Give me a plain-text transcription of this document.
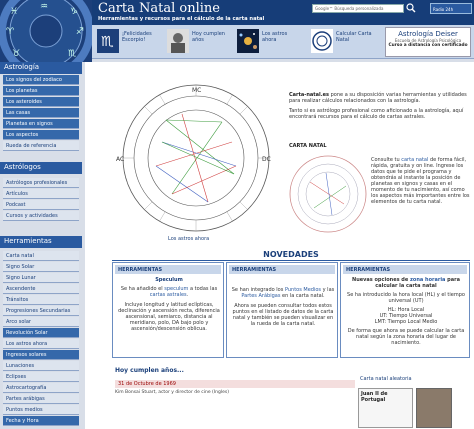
♓ ♒ ♑
♈	♐
♉	♏
Carta Natal online
Herramientas y recursos para el cálculo de la carta natal
Google™ Búsqueda personalizada	Radio 24h
♏ ¡Felicidades Escorpio!
Hoy cumplen años
Los astros ahora
Calcular Carta Natal
Astrología Deiser
Escuela de Astrología Psicológica
Curso a distancia con certificado
Astrología
Los signos del zodiaco
Los planetas
Los asteroides
Las casas
Planetas en signos
Los aspectos
Rueda de referencia
Astrólogos
Astrólogos profesionales
Artículos
Podcast
Cursos y actividades
Herramientas
Carta natal
Signo Solar
Signo Lunar
Ascendente
Tránsitos
Progresiones Secundarias
Arco solar
Revolución Solar
Los astros ahora
Ingresos solares
Lunaciones
Eclipses
Astrocartografía
Partes arábigas
Puntos medios
Fecha y Hora
AC	DC
MC
Los astros ahora

Carta-natal.es pone a su disposición varias herramientas y utilidades para realizar cálculos relacionados con la astrología.

Tanto si es astrólogo profesional como aficionado a la astrología, aquí encontrará recursos para el cálculo de cartas astrales.

CARTA NATAL
Consulte tu carta natal de forma fácil, rápida, gratuita y on line. Ingrese los datos que te pide el programa y obtendrás al instante la posición de planetas en signos y casas en el momento de tu nacimiento, así como los aspectos más importantes entre los elementos de tu carta natal.
NOVEDADES
HERRAMIENTAS
Speculum
Se ha añadido el speculum a todas las cartas astrales.
Incluye longitud y latitud eclípticas, declinación y ascensión recta, diferencia ascensional, semiarco, distancia al meridiano, polo, DA bajo polo y ascensión/descensión oblicua.
HERRAMIENTAS
Se han integrado los Puntos Medios y las Partes Arábigas en la carta natal.
Ahora se pueden consultar todos estos puntos en el listado de datos de la carta natal y también se pueden visualizar en la rueda de la carta natal.
HERRAMIENTAS
Nuevas opciones de zona horaria para calcular la carta natal
Se ha introducido la hora local (HL) y el tiempo universal (UT)
HL: Hora Local
UT: Tiempo Universal
LMT: Tiempo Local Medio
De forma que ahora se puede calcular la carta natal según la zona horaria del lugar de nacimiento.
Hoy cumplen años...
31 de Octubre de 1969
Kim Bonsai Stuart, actor y director de cine (Ingles)
Carta natal aleatoria
Juan II de Portugal
